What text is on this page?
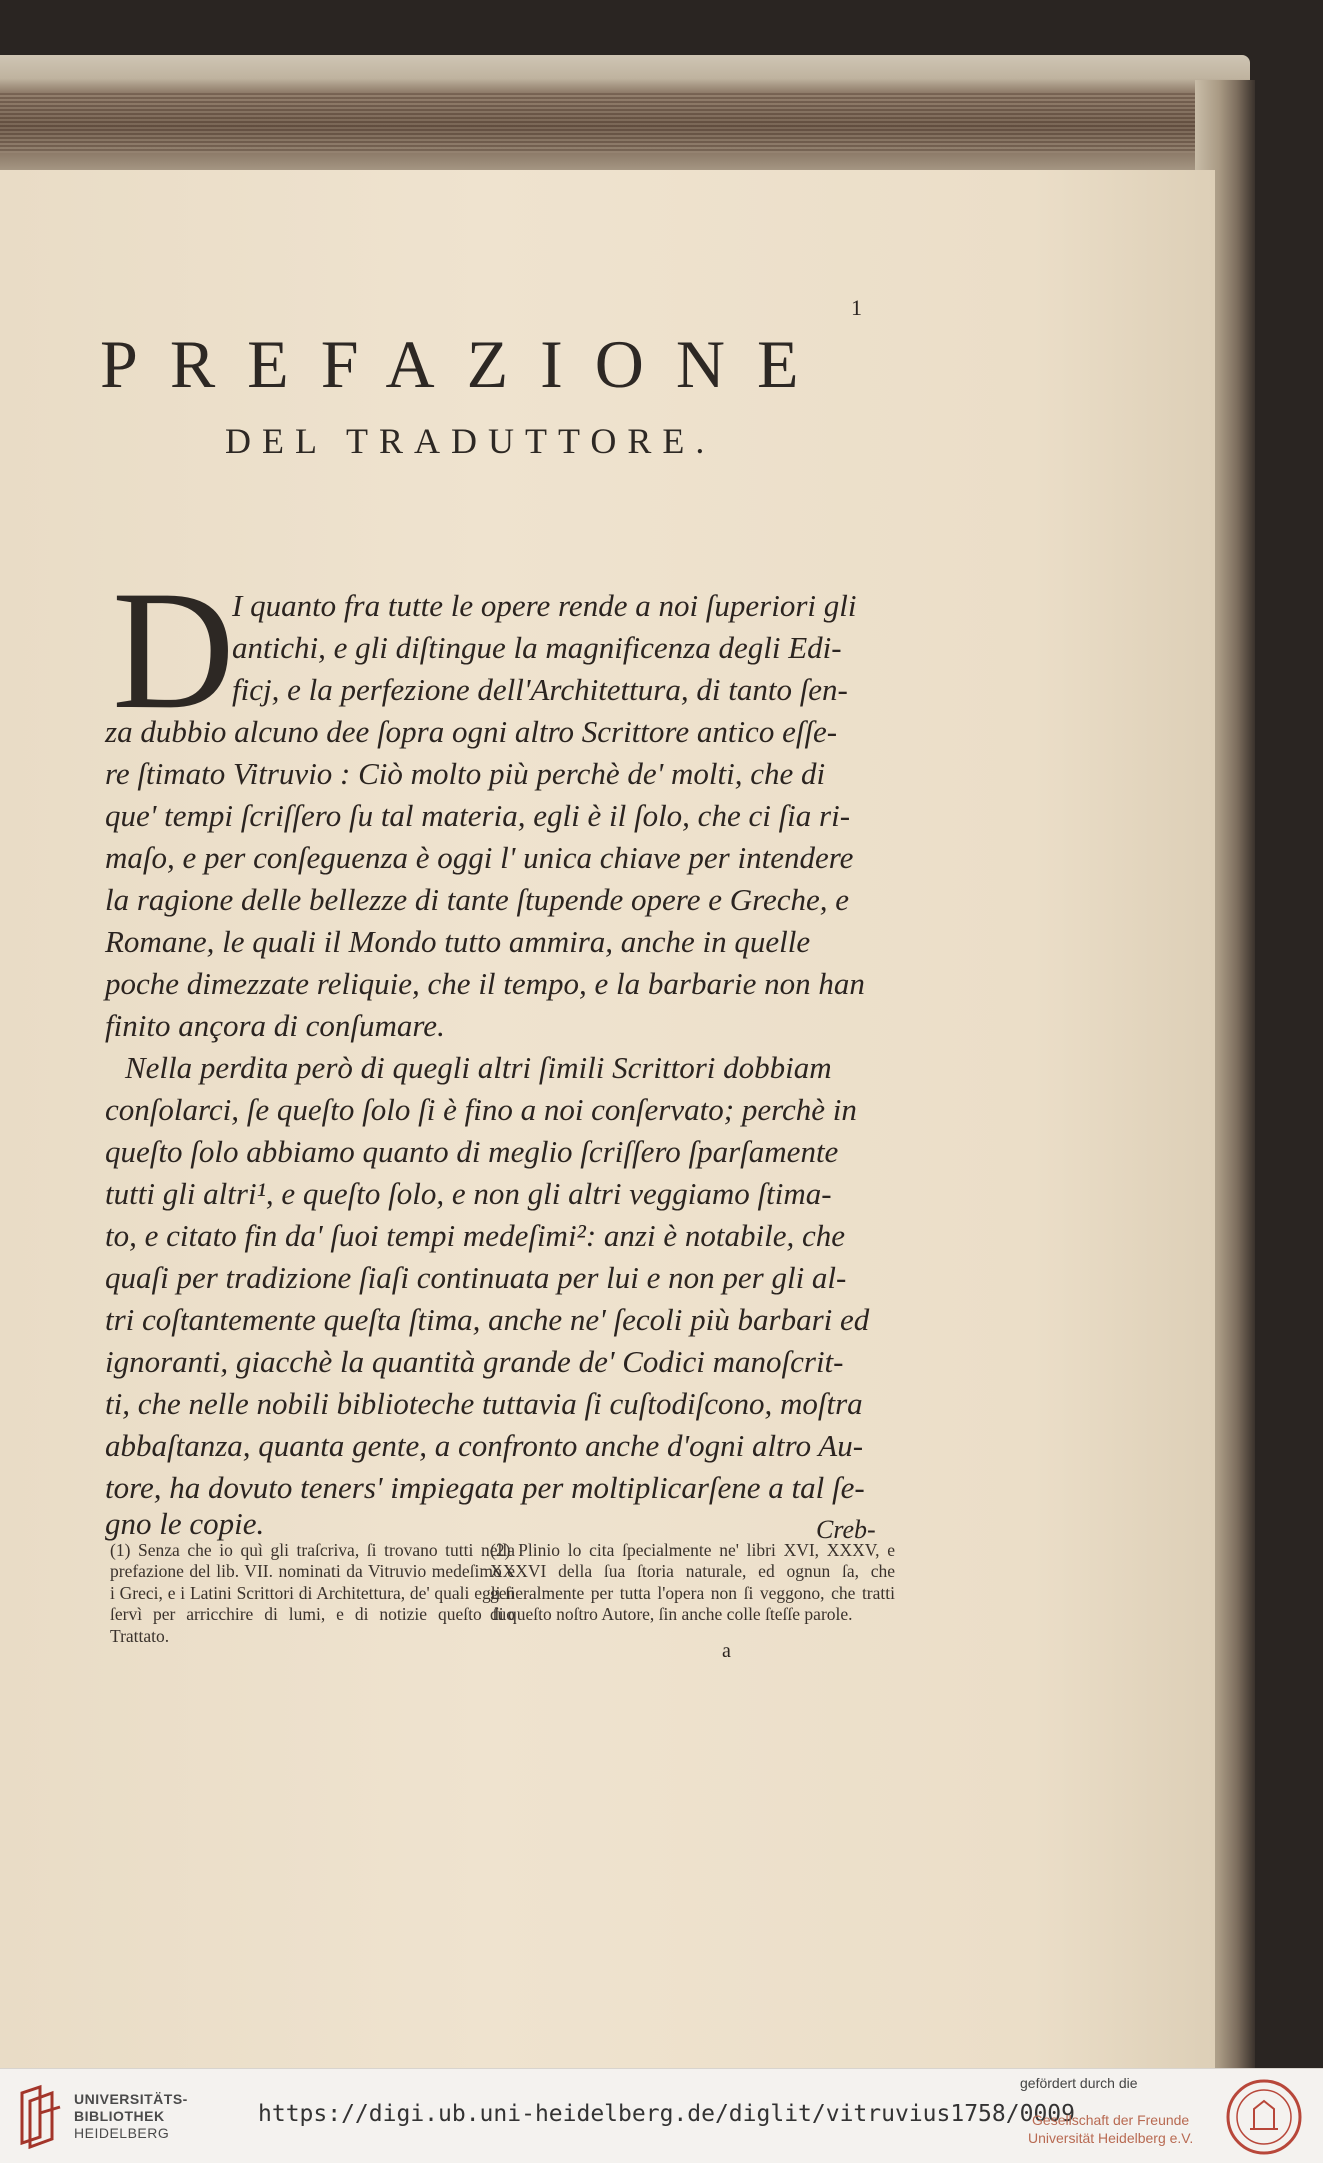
1
PREFAZIONE
DEL TRADUTTORE.
D
I quanto fra tutte le opere rende a noi ſuperiori gli
antichi, e gli diſtingue la magnificenza degli Edi-
ficj, e la perfezione dell'Architettura, di tanto ſen-
za dubbio alcuno dee ſopra ogni altro Scrittore antico eſſe-
re ſtimato Vitruvio : Ciò molto più perchè de' molti, che di
que' tempi ſcriſſero ſu tal materia, egli è il ſolo, che ci ſia ri-
maſo, e per conſeguenza è oggi l' unica chiave per intendere
la ragione delle bellezze di tante ſtupende opere e Greche, e
Romane, le quali il Mondo tutto ammira, anche in quelle
poche dimezzate reliquie, che il tempo, e la barbarie non han
finito ançora di conſumare.
Nella perdita però di quegli altri ſimili Scrittori dobbiam
conſolarci, ſe queſto ſolo ſi è fino a noi conſervato; perchè in
queſto ſolo abbiamo quanto di meglio ſcriſſero ſparſamente
tutti gli altri¹, e queſto ſolo, e non gli altri veggiamo ſtima-
to, e citato fin da' ſuoi tempi medeſimi²: anzi è notabile, che
quaſi per tradizione ſiaſi continuata per lui e non per gli al-
tri coſtantemente queſta ſtima, anche ne' ſecoli più barbari ed
ignoranti, giacchè la quantità grande de' Codici manoſcrit-
ti, che nelle nobili biblioteche tuttavia ſi cuſtodiſcono, moſtra
abbaſtanza, quanta gente, a confronto anche d'ogni altro Au-
tore, ha dovuto teners' impiegata per moltiplicarſene a tal ſe-
gno le copie.	Creb-
(1) Senza che io quì gli traſcriva, ſi trovano tutti nella prefazione del lib. VII. nominati da Vitruvio medeſimo e i Greci, e i Latini Scrittori di Architettura, de' quali egli ſi ſervì per arricchire di lumi, e di notizie queſto ſuo Trattato.
(2) Plinio lo cita ſpecialmente ne' libri XVI, XXXV, e XXXVI della ſua ſtoria naturale, ed ognun ſa, che generalmente per tutta l'opera non ſi veggono, che tratti di queſto noſtro Autore, ſin anche colle ſteſſe parole.
a
UNIVERSITÄTS-
BIBLIOTHEK
HEIDELBERG
https://digi.ub.uni-heidelberg.de/diglit/vitruvius1758/0009
gefördert durch die
Gesellschaft der Freunde
Universität Heidelberg e.V.
